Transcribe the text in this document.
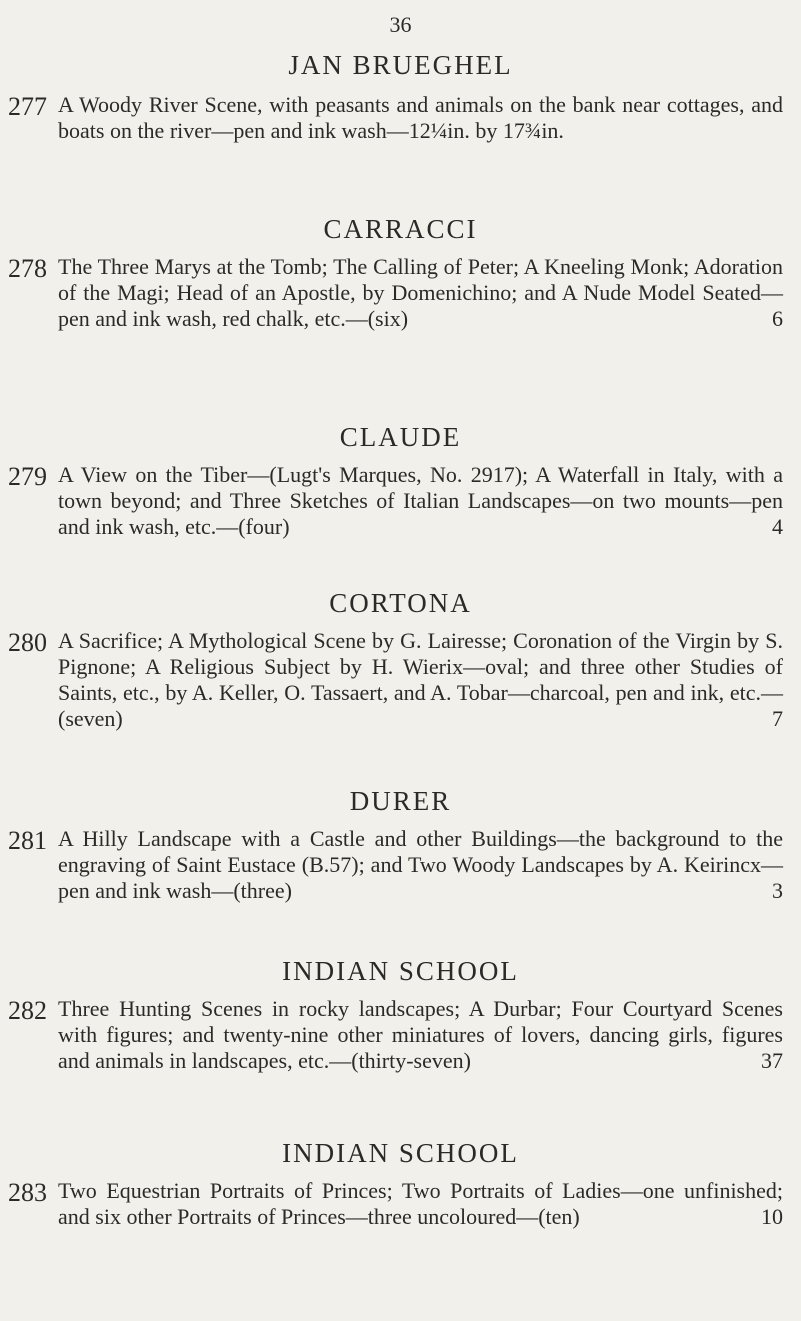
36
JAN BRUEGHEL
277 A Woody River Scene, with peasants and animals on the bank near cottages, and boats on the river—pen and ink wash—12¼in. by 17¾in.
CARRACCI
278 The Three Marys at the Tomb; The Calling of Peter; A Kneeling Monk; Adoration of the Magi; Head of an Apostle, by Domenichino; and A Nude Model Seated—pen and ink wash, red chalk, etc.—(six)	6
CLAUDE
279 A View on the Tiber—(Lugt's Marques, No. 2917); A Waterfall in Italy, with a town beyond; and Three Sketches of Italian Landscapes—on two mounts—pen and ink wash, etc.—(four)	4
CORTONA
280 A Sacrifice; A Mythological Scene by G. Lairesse; Coronation of the Virgin by S. Pignone; A Religious Subject by H. Wierix—oval; and three other Studies of Saints, etc., by A. Keller, O. Tassaert, and A. Tobar—charcoal, pen and ink, etc.—(seven)	7
DURER
281 A Hilly Landscape with a Castle and other Buildings—the background to the engraving of Saint Eustace (B.57); and Two Woody Landscapes by A. Keirincx—pen and ink wash—(three)	3
INDIAN SCHOOL
282 Three Hunting Scenes in rocky landscapes; A Durbar; Four Courtyard Scenes with figures; and twenty-nine other miniatures of lovers, dancing girls, figures and animals in landscapes, etc.—(thirty-seven)	37
INDIAN SCHOOL
283 Two Equestrian Portraits of Princes; Two Portraits of Ladies—one unfinished; and six other Portraits of Princes—three uncoloured—(ten)	10
